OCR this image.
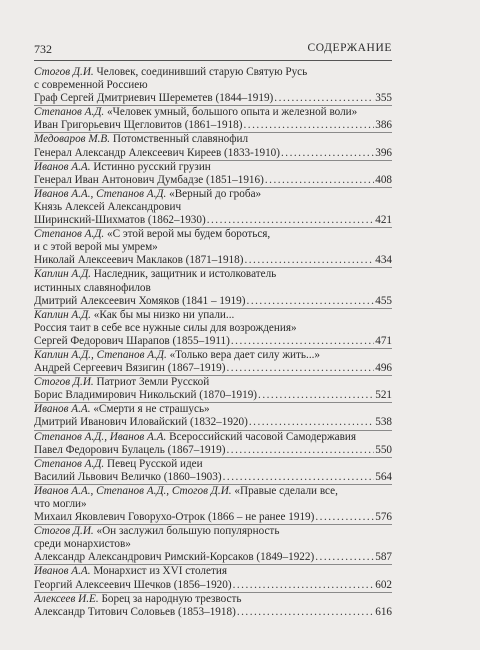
732	СОДЕРЖАНИЕ
Стогов Д.И. Человек, соединивший старую Святую Русь
с современной Россиею
Граф Сергей Дмитриевич Шереметев (1844–1919) .....	355
Степанов А.Д. «Человек умный, большого опыта и железной воли»
Иван Григорьевич Щегловитов (1861–1918) .....	386
Медоваров М.В. Потомственный славянофил
Генерал Александр Алексеевич Киреев (1833-1910) .....	396
Иванов А.А. Истинно русский грузин
Генерал Иван Антонович Думбадзе (1851–1916) .....	408
Иванов А.А., Степанов А.Д. «Верный до гроба»
Князь Алексей Александрович
Ширинский-Шихматов (1862–1930) .....	421
Степанов А.Д. «С этой верой мы будем бороться,
и с этой верой мы умрем»
Николай Алексеевич Маклаков (1871–1918) .....	434
Каплин А.Д. Наследник, защитник и истолкователь
истинных славянофилов
Дмитрий Алексеевич Хомяков (1841 – 1919) .....	455
Каплин А.Д. «Как бы мы низко ни упали...
Россия таит в себе все нужные силы для возрождения»
Сергей Федорович Шарапов (1855–1911) .....	471
Каплин А.Д., Степанов А.Д. «Только вера дает силу жить...»
Андрей Сергеевич Вязигин (1867–1919) .....	496
Стогов Д.И. Патриот Земли Русской
Борис Владимирович Никольский (1870–1919) .....	521
Иванов А.А. «Смерти я не страшусь»
Дмитрий Иванович Иловайский (1832–1920) .....	538
Степанов А.Д., Иванов А.А. Всероссийский часовой Самодержавия
Павел Федорович Булацель (1867–1919) .....	550
Степанов А.Д. Певец Русской идеи
Василий Львович Величко (1860–1903) .....	564
Иванов А.А., Степанов А.Д., Стогов Д.И. «Правые сделали все,
что могли»
Михаил Яковлевич Говорухо-Отрок (1866 – не ранее 1919) .....	576
Стогов Д.И. «Он заслужил большую популярность
среди монархистов»
Александр Александрович Римский-Корсаков (1849–1922) .....	587
Иванов А.А. Монархист из XVI столетия
Георгий Алексеевич Шечков (1856–1920) .....	602
Алексеев И.Е. Борец за народную трезвость
Александр Титович Соловьев (1853–1918) .....	616
